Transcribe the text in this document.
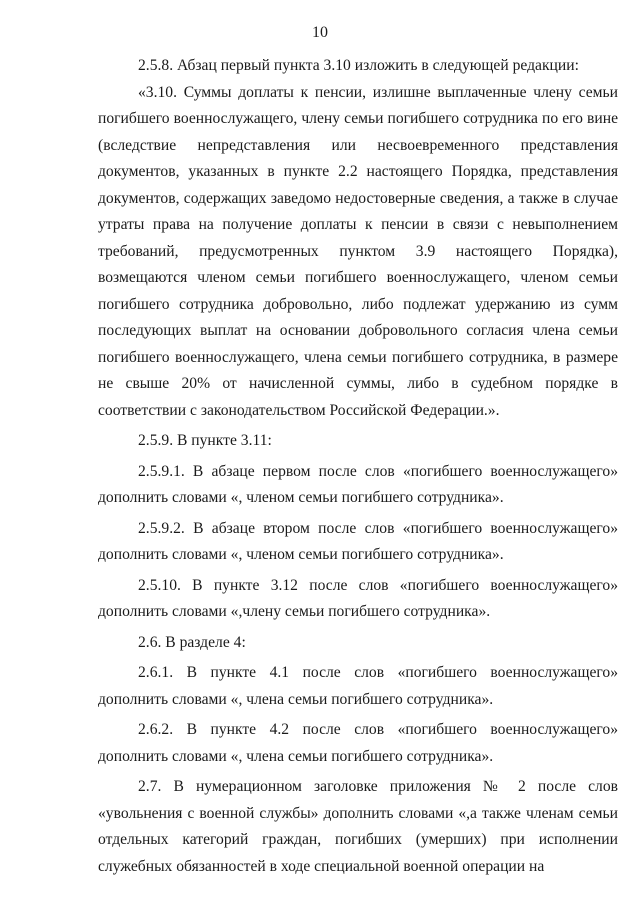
10

2.5.8. Абзац первый пункта 3.10 изложить в следующей редакции:

«3.10. Суммы доплаты к пенсии, излишне выплаченные члену семьи погибшего военнослужащего, члену семьи погибшего сотрудника по его вине (вследствие непредставления или несвоевременного представления документов, указанных в пункте 2.2 настоящего Порядка, представления документов, содержащих заведомо недостоверные сведения, а также в случае утраты права на получение доплаты к пенсии в связи с невыполнением требований, предусмотренных пунктом 3.9 настоящего Порядка), возмещаются членом семьи погибшего военнослужащего, членом семьи погибшего сотрудника добровольно, либо подлежат удержанию из сумм последующих выплат на основании добровольного согласия члена семьи погибшего военнослужащего, члена семьи погибшего сотрудника, в размере не свыше 20% от начисленной суммы, либо в судебном порядке в соответствии с законодательством Российской Федерации.».

2.5.9. В пункте 3.11:

2.5.9.1. В абзаце первом после слов «погибшего военнослужащего» дополнить словами «, членом семьи погибшего сотрудника».

2.5.9.2. В абзаце втором после слов «погибшего военнослужащего» дополнить словами «, членом семьи погибшего сотрудника».

2.5.10. В пункте 3.12 после слов «погибшего военнослужащего» дополнить словами «,члену семьи погибшего сотрудника».

2.6. В разделе 4:

2.6.1. В пункте 4.1 после слов «погибшего военнослужащего» дополнить словами «, члена семьи погибшего сотрудника».

2.6.2. В пункте 4.2 после слов «погибшего военнослужащего» дополнить словами «, члена семьи погибшего сотрудника».

2.7. В нумерационном заголовке приложения № 2 после слов «увольнения с военной службы» дополнить словами «,а также членам семьи отдельных категорий граждан, погибших (умерших) при исполнении служебных обязанностей в ходе специальной военной операции на
